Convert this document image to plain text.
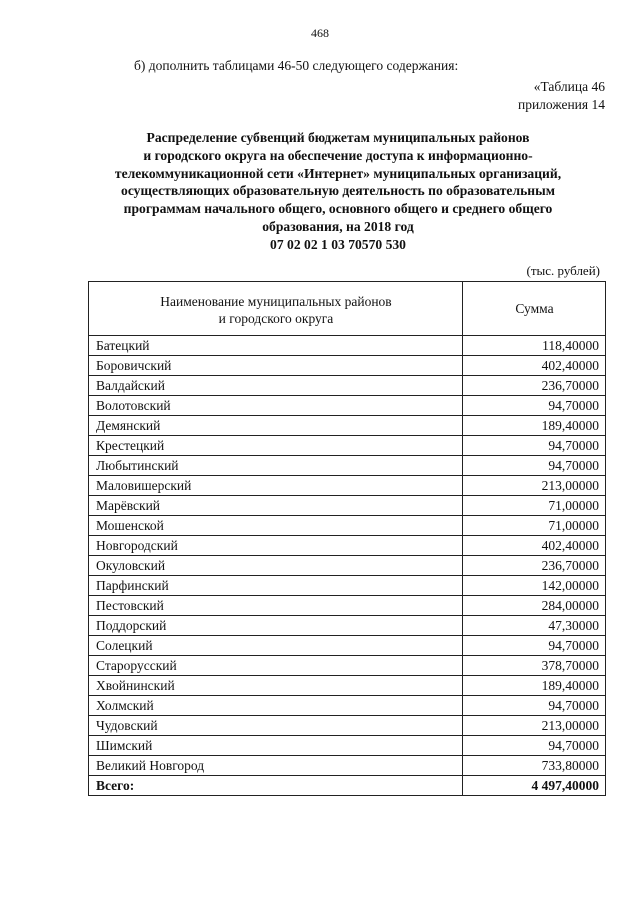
468
б) дополнить таблицами 46-50 следующего содержания:
«Таблица 46
приложения 14
Распределение субвенций бюджетам муниципальных районов
и городского округа на обеспечение доступа к информационно-
телекоммуникационной сети «Интернет» муниципальных организаций,
осуществляющих образовательную деятельность по образовательным
программам начального общего, основного общего и среднего общего
образования, на 2018 год
07 02 02 1 03 70570 530
(тыс. рублей)
Наименование муниципальных районов
и городского округа	Сумма
Батецкий	118,40000
Боровичский	402,40000
Валдайский	236,70000
Волотовский	94,70000
Демянский	189,40000
Крестецкий	94,70000
Любытинский	94,70000
Маловишерский	213,00000
Марёвский	71,00000
Мошенской	71,00000
Новгородский	402,40000
Окуловский	236,70000
Парфинский	142,00000
Пестовский	284,00000
Поддорский	47,30000
Солецкий	94,70000
Старорусский	378,70000
Хвойнинский	189,40000
Холмский	94,70000
Чудовский	213,00000
Шимский	94,70000
Великий Новгород	733,80000
Всего:	4 497,40000
